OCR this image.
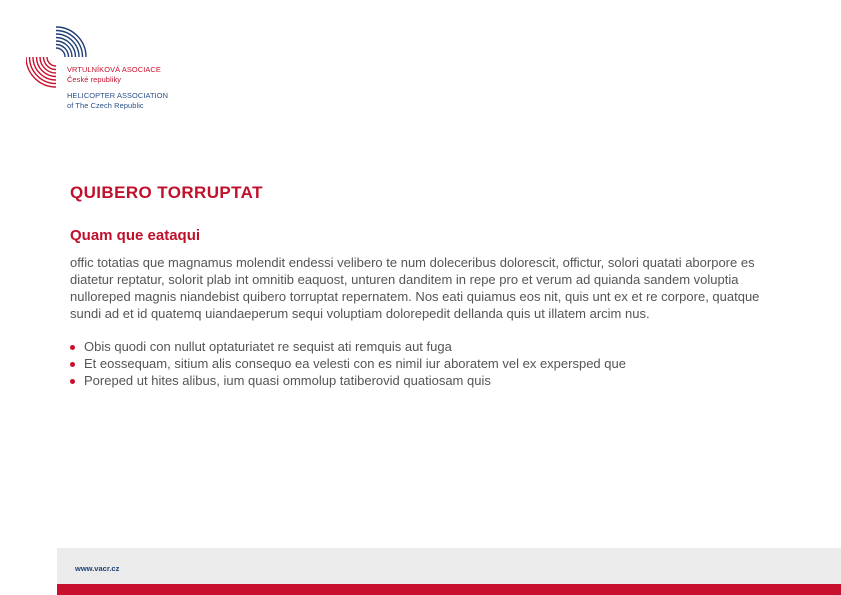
VRTULNÍKOVÁ ASOCIACE
České republiky
HELICOPTER ASSOCIATION
of The Czech Republic
QUIBERO TORRUPTAT
Quam que eataqui

offic totatias que magnamus molendit endessi velibero te num doleceribus dolorescit, offictur, solori quatati aborpore es diatetur reptatur, solorit plab int omnitib eaquost, unturen danditem in repe pro et verum ad quianda sandem voluptia nulloreped magnis niandebist quibero torruptat repernatem. Nos eati quiamus eos nit, quis unt ex et re corpore, quatque sundi ad et id quatemq uiandaeperum sequi voluptiam dolorepedit dellanda quis ut illatem arcim nus.

Obis quodi con nullut optaturiatet re sequist ati remquis aut fuga
Et eossequam, sitium alis consequo ea velesti con es nimil iur aboratem vel ex expersped que
Poreped ut hites alibus, ium quasi ommolup tatiberovid quatiosam quis
www.vacr.cz
